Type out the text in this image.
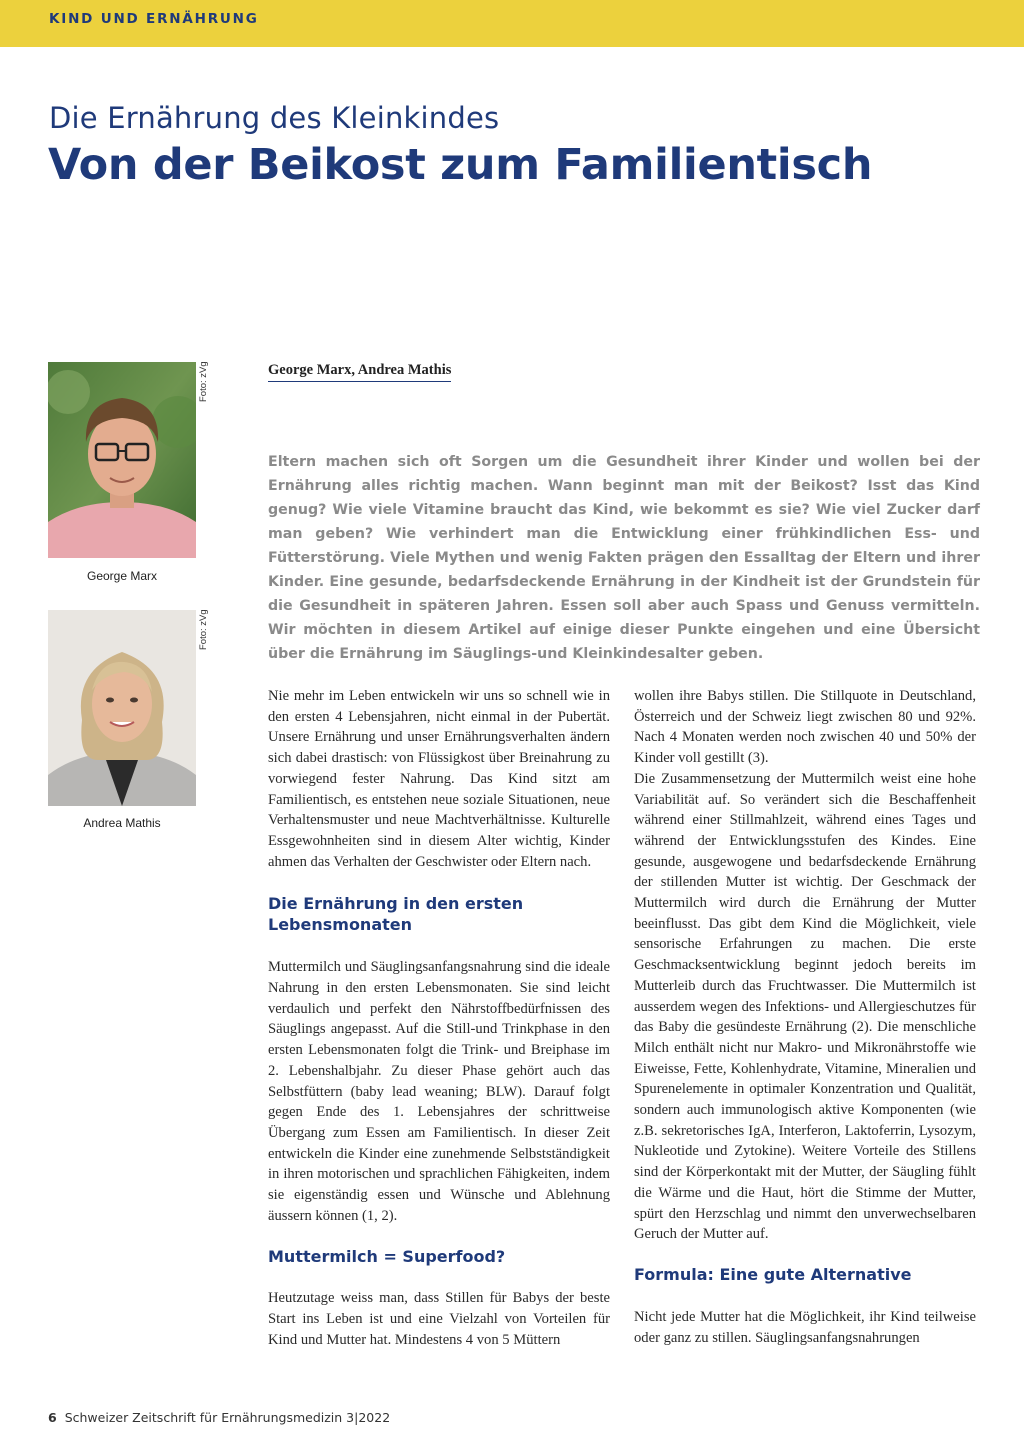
KIND UND ERNÄHRUNG
Die Ernährung des Kleinkindes
Von der Beikost zum Familientisch
Foto: zVg
George Marx
Foto: zVg
Andrea Mathis
George Marx, Andrea Mathis

Eltern machen sich oft Sorgen um die Gesundheit ihrer Kinder und wollen bei der Ernährung alles richtig machen. Wann beginnt man mit der Beikost? Isst das Kind genug? Wie viele Vitamine braucht das Kind, wie bekommt es sie? Wie viel Zucker darf man geben? Wie verhindert man die Entwicklung einer frühkindlichen Ess- und Fütterstörung. Viele Mythen und wenig Fakten prägen den Essalltag der Eltern und ihrer Kinder. Eine gesunde, bedarfsdeckende Ernährung in der Kindheit ist der Grundstein für die Gesundheit in späteren Jahren. Essen soll aber auch Spass und Genuss vermitteln. Wir möchten in diesem Artikel auf einige dieser Punkte eingehen und eine Übersicht über die Ernährung im Säuglings-und Kleinkindesalter geben.

Nie mehr im Leben entwickeln wir uns so schnell wie in den ersten 4 Lebensjahren, nicht einmal in der Pubertät. Unsere Ernährung und unser Ernährungsverhalten ändern sich dabei drastisch: von Flüssigkost über Breinahrung zu vorwiegend fester Nahrung. Das Kind sitzt am Familientisch, es entstehen neue soziale Situationen, neue Verhaltensmuster und neue Machtverhältnisse. Kulturelle Essgewohnheiten sind in diesem Alter wichtig, Kinder ahmen das Verhalten der Geschwister oder Eltern nach.

Die Ernährung in den ersten Lebensmonaten

Muttermilch und Säuglingsanfangsnahrung sind die ideale Nahrung in den ersten Lebensmonaten. Sie sind leicht verdaulich und perfekt den Nährstoffbedürfnissen des Säuglings angepasst. Auf die Still-und Trinkphase in den ersten Lebensmonaten folgt die Trink- und Breiphase im 2. Lebenshalbjahr. Zu dieser Phase gehört auch das Selbstfüttern (baby lead weaning; BLW). Darauf folgt gegen Ende des 1. Lebensjahres der schrittweise Übergang zum Essen am Familientisch. In dieser Zeit entwickeln die Kinder eine zunehmende Selbstständigkeit in ihren motorischen und sprachlichen Fähigkeiten, indem sie eigenständig essen und Wünsche und Ablehnung äussern können (1, 2).

Muttermilch = Superfood?

Heutzutage weiss man, dass Stillen für Babys der beste Start ins Leben ist und eine Vielzahl von Vorteilen für Kind und Mutter hat. Mindestens 4 von 5 Müttern

wollen ihre Babys stillen. Die Stillquote in Deutschland, Österreich und der Schweiz liegt zwischen 80 und 92%. Nach 4 Monaten werden noch zwischen 40 und 50% der Kinder voll gestillt (3).

Die Zusammensetzung der Muttermilch weist eine hohe Variabilität auf. So verändert sich die Beschaffenheit während einer Stillmahlzeit, während eines Tages und während der Entwicklungsstufen des Kindes. Eine gesunde, ausgewogene und bedarfsdeckende Ernährung der stillenden Mutter ist wichtig. Der Geschmack der Muttermilch wird durch die Ernährung der Mutter beeinflusst. Das gibt dem Kind die Möglichkeit, viele sensorische Erfahrungen zu machen. Die erste Geschmacksentwicklung beginnt jedoch bereits im Mutterleib durch das Fruchtwasser. Die Muttermilch ist ausserdem wegen des Infektions- und Allergieschutzes für das Baby die gesündeste Ernährung (2). Die menschliche Milch enthält nicht nur Makro- und Mikronährstoffe wie Eiweisse, Fette, Kohlenhydrate, Vitamine, Mineralien und Spurenelemente in optimaler Konzentration und Qualität, sondern auch immunologisch aktive Komponenten (wie z.B. sekretorisches IgA, Interferon, Laktoferrin, Lysozym, Nukleotide und Zytokine). Weitere Vorteile des Stillens sind der Körperkontakt mit der Mutter, der Säugling fühlt die Wärme und die Haut, hört die Stimme der Mutter, spürt den Herzschlag und nimmt den unverwechselbaren Geruch der Mutter auf.

Formula: Eine gute Alternative

Nicht jede Mutter hat die Möglichkeit, ihr Kind teilweise oder ganz zu stillen. Säuglingsanfangsnahrungen

6 Schweizer Zeitschrift für Ernährungsmedizin 3|2022
